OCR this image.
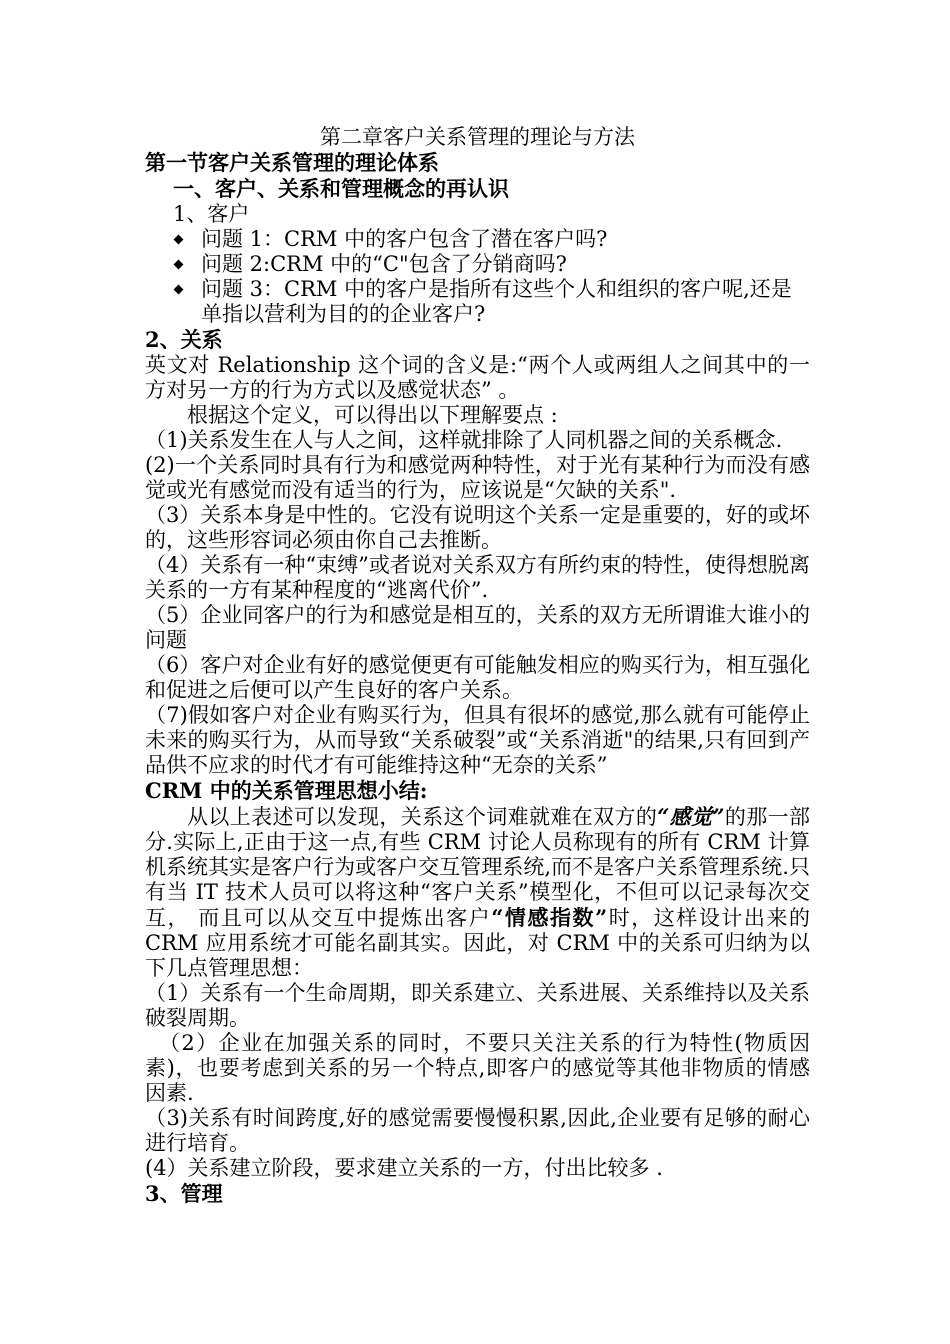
第二章客户关系管理的理论与方法

第一节客户关系管理的理论体系

一、客户、关系和管理概念的再认识

1、客户

问题 1：CRM 中的客户包含了潜在客户吗?
问题 2:CRM 中的“C"包含了分销商吗?
问题 3：CRM 中的客户是指所有这些个人和组织的客户呢,还是单指以营利为目的的企业客户?

2、关系

英文对 Relationship 这个词的含义是:“两个人或两组人之间其中的一方对另一方的行为方式以及感觉状态” 。

根据这个定义，可以得出以下理解要点 :

（1)关系发生在人与人之间，这样就排除了人同机器之间的关系概念.

(2)一个关系同时具有行为和感觉两种特性，对于光有某种行为而没有感觉或光有感觉而没有适当的行为，应该说是“欠缺的关系".

（3）关系本身是中性的。它没有说明这个关系一定是重要的，好的或坏的，这些形容词必须由你自己去推断。

（4）关系有一种“束缚”或者说对关系双方有所约束的特性，使得想脱离关系的一方有某种程度的“逃离代价”.

（5）企业同客户的行为和感觉是相互的，关系的双方无所谓谁大谁小的问题

（6）客户对企业有好的感觉便更有可能触发相应的购买行为，相互强化和促进之后便可以产生良好的客户关系。

（7)假如客户对企业有购买行为，但具有很坏的感觉,那么就有可能停止未来的购买行为，从而导致“关系破裂”或“关系消逝"的结果,只有回到产品供不应求的时代才有可能维持这种“无奈的关系”

CRM 中的关系管理思想小结:

从以上表述可以发现，关系这个词难就难在双方的“感觉”的那一部分.实际上,正由于这一点,有些 CRM 讨论人员称现有的所有 CRM 计算机系统其实是客户行为或客户交互管理系统,而不是客户关系管理系统.只有当 IT 技术人员可以将这种“客户关系”模型化，不但可以记录每次交互， 而且可以从交互中提炼出客户“情感指数”时，这样设计出来的 CRM 应用系统才可能名副其实。因此，对 CRM 中的关系可归纳为以下几点管理思想：

（1）关系有一个生命周期，即关系建立、关系进展、关系维持以及关系破裂周期。

（2）企业在加强关系的同时，不要只关注关系的行为特性(物质因素)，也要考虑到关系的另一个特点,即客户的感觉等其他非物质的情感因素.

（3)关系有时间跨度,好的感觉需要慢慢积累,因此,企业要有足够的耐心进行培育。

(4）关系建立阶段，要求建立关系的一方，付出比较多 .

3、管理
